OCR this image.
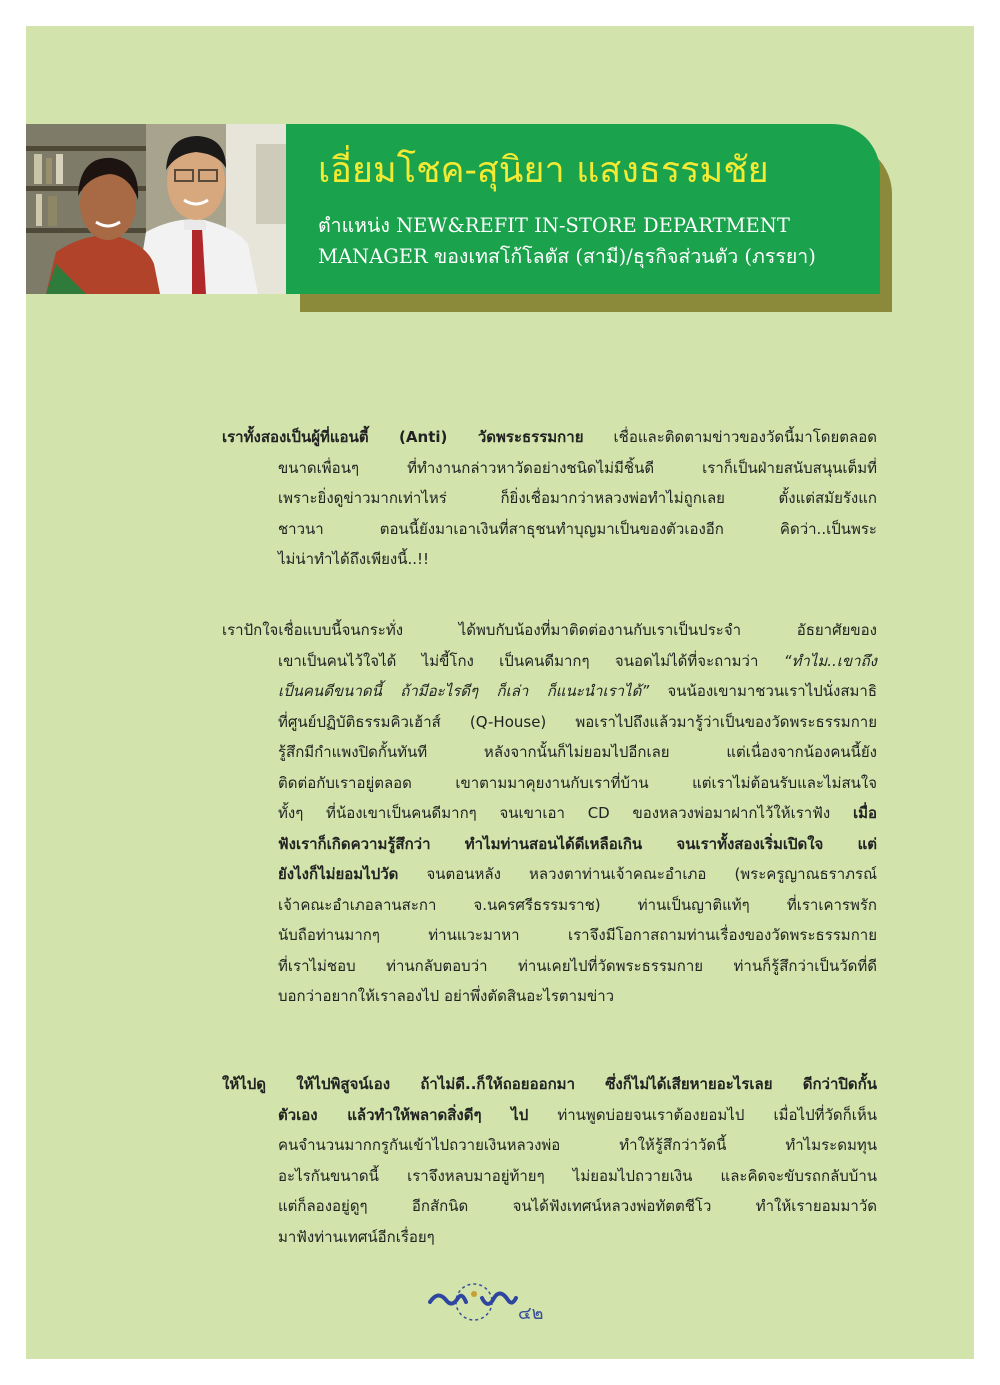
เอี่ยมโชค-สุนิยา แสงธรรมชัย
ตำแหน่ง NEW&REFIT IN-STORE DEPARTMENT
MANAGER ของเทสโก้โลตัส (สามี)/ธุรกิจส่วนตัว (ภรรยา)
เราทั้งสองเป็นผู้ที่แอนตี้ (Anti) วัดพระธรรมกาย เชื่อและติดตามข่าวของวัดนี้มาโดยตลอด
ขนาดเพื่อนๆ ที่ทำงานกล่าวหาวัดอย่างชนิดไม่มีชิ้นดี เราก็เป็นฝ่ายสนับสนุนเต็มที่
เพราะยิ่งดูข่าวมากเท่าไหร่ ก็ยิ่งเชื่อมากว่าหลวงพ่อทำไม่ถูกเลย ตั้งแต่สมัยรังแก
ชาวนา ตอนนี้ยังมาเอาเงินที่สาธุชนทำบุญมาเป็นของตัวเองอีก คิดว่า..เป็นพระ
ไม่น่าทำได้ถึงเพียงนี้..!!
เราปักใจเชื่อแบบนี้จนกระทั่ง ได้พบกับน้องที่มาติดต่องานกับเราเป็นประจำ อัธยาศัยของ
เขาเป็นคนไว้ใจได้ ไม่ขี้โกง เป็นคนดีมากๆ จนอดไม่ได้ที่จะถามว่า “ทำไม..เขาถึง
เป็นคนดีขนาดนี้ ถ้ามีอะไรดีๆ ก็เล่า ก็แนะนำเราได้” จนน้องเขามาชวนเราไปนั่งสมาธิ
ที่ศูนย์ปฏิบัติธรรมคิวเฮ้าส์ (Q-House) พอเราไปถึงแล้วมารู้ว่าเป็นของวัดพระธรรมกาย
รู้สึกมีกำแพงปิดกั้นทันที หลังจากนั้นก็ไม่ยอมไปอีกเลย แต่เนื่องจากน้องคนนี้ยัง
ติดต่อกับเราอยู่ตลอด เขาตามมาคุยงานกับเราที่บ้าน แต่เราไม่ต้อนรับและไม่สนใจ
ทั้งๆ ที่น้องเขาเป็นคนดีมากๆ จนเขาเอา CD ของหลวงพ่อมาฝากไว้ให้เราฟัง เมื่อ
ฟังเราก็เกิดความรู้สึกว่า ทำไมท่านสอนได้ดีเหลือเกิน จนเราทั้งสองเริ่มเปิดใจ แต่
ยังไงก็ไม่ยอมไปวัด จนตอนหลัง หลวงตาท่านเจ้าคณะอำเภอ (พระครูญาณธราภรณ์
เจ้าคณะอำเภอลานสะกา จ.นครศรีธรรมราช) ท่านเป็นญาติแท้ๆ ที่เราเคารพรัก
นับถือท่านมากๆ ท่านแวะมาหา เราจึงมีโอกาสถามท่านเรื่องของวัดพระธรรมกาย
ที่เราไม่ชอบ ท่านกลับตอบว่า ท่านเคยไปที่วัดพระธรรมกาย ท่านก็รู้สึกว่าเป็นวัดที่ดี
บอกว่าอยากให้เราลองไป อย่าพึ่งตัดสินอะไรตามข่าว
ให้ไปดู ให้ไปพิสูจน์เอง ถ้าไม่ดี..ก็ให้ถอยออกมา ซึ่งก็ไม่ได้เสียหายอะไรเลย ดีกว่าปิดกั้น
ตัวเอง แล้วทำให้พลาดสิ่งดีๆ ไป ท่านพูดบ่อยจนเราต้องยอมไป เมื่อไปที่วัดก็เห็น
คนจำนวนมากกรูกันเข้าไปถวายเงินหลวงพ่อ ทำให้รู้สึกว่าวัดนี้ ทำไมระดมทุน
อะไรกันขนาดนี้ เราจึงหลบมาอยู่ท้ายๆ ไม่ยอมไปถวายเงิน และคิดจะขับรถกลับบ้าน
แต่ก็ลองอยู่ดูๆ อีกสักนิด จนได้ฟังเทศน์หลวงพ่อทัตตชีโว ทำให้เรายอมมาวัด
มาฟังท่านเทศน์อีกเรื่อยๆ
๔๒
